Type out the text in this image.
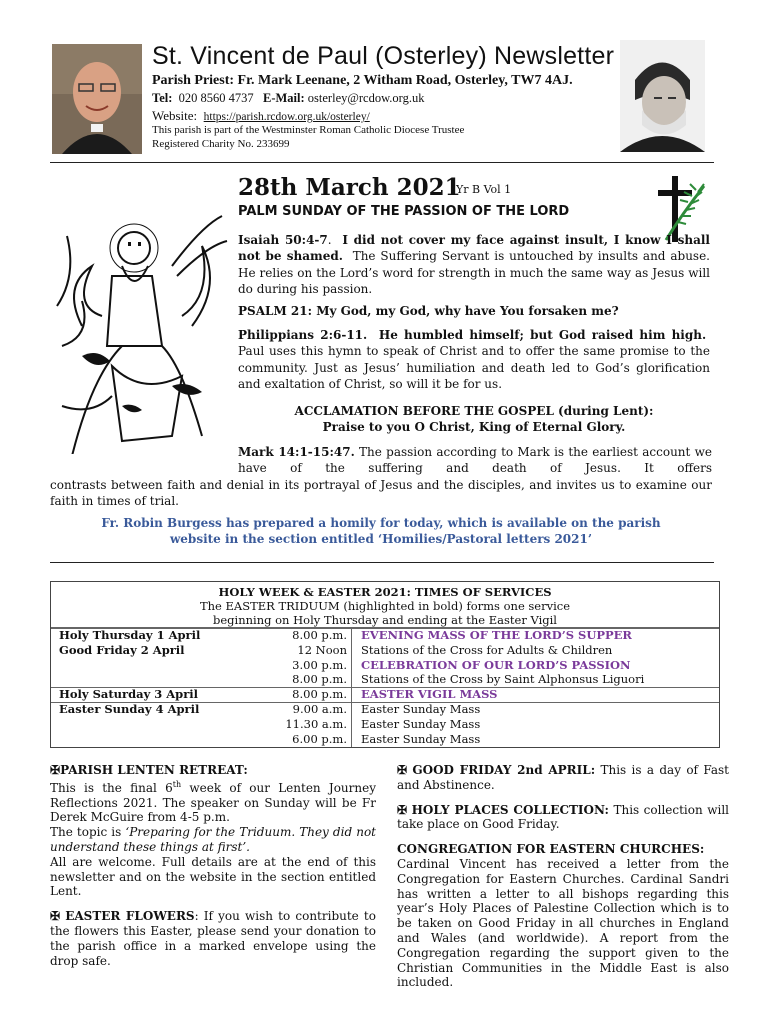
St. Vincent de Paul (Osterley) Newsletter
Parish Priest: Fr. Mark Leenane, 2 Witham Road, Osterley, TW7 4AJ.
Tel: 020 8560 4737 E-Mail: osterley@rcdow.org.uk
Website: https://parish.rcdow.org.uk/osterley/
This parish is part of the Westminster Roman Catholic Diocese Trustee
Registered Charity No. 233699
28th March 2021
Yr B Vol 1
PALM SUNDAY OF THE PASSION OF THE LORD
Isaiah 50:4-7.  I did not cover my face against insult, I know I shall not be shamed. The Suffering Servant is untouched by insults and abuse. He relies on the Lord’s word for strength in much the same way as Jesus will do during his passion.
PSALM 21: My God, my God, why have You forsaken me?
Philippians 2:6-11. He humbled himself; but God raised him high.  Paul uses this hymn to speak of Christ and to offer the same promise to the community. Just as Jesus’ humiliation and death led to God’s glorification and exaltation of Christ, so will it be for us.
ACCLAMATION BEFORE THE GOSPEL (during Lent):
Praise to you O Christ, King of Eternal Glory.
Mark 14:1-15:47. The passion according to Mark is the earliest account we have of the suffering and death of Jesus. It offers
contrasts between faith and denial in its portrayal of Jesus and the disciples, and invites us to examine our faith in times of trial.
Fr. Robin Burgess has prepared a homily for today, which is available on the parish
website in the section entitled ‘Homilies/Pastoral letters 2021’
HOLY WEEK & EASTER 2021: TIMES OF SERVICES
The EASTER TRIDUUM (highlighted in bold) forms one service
beginning on Holy Thursday and ending at the Easter Vigil
Holy Thursday 1 April	8.00 p.m. EVENING MASS OF THE LORD’S SUPPER
Good Friday 2 April	12 Noon Stations of the Cross for Adults & Children
3.00 p.m. CELEBRATION OF OUR LORD’S PASSION
8.00 p.m. Stations of the Cross by Saint Alphonsus Liguori
Holy Saturday 3 April	8.00 p.m. EASTER VIGIL MASS
Easter Sunday 4 April	9.00 a.m. Easter Sunday Mass
11.30 a.m. Easter Sunday Mass
6.00 p.m. Easter Sunday Mass

✠PARISH LENTEN RETREAT:
This is the final 6th week of our Lenten Journey Reflections 2021. The speaker on Sunday will be Fr Derek McGuire from 4-5 p.m.
The topic is ‘Preparing for the Triduum. They did not understand these things at first’.
All are welcome. Full details are at the end of this newsletter and on the website in the section entitled Lent.

✠ EASTER FLOWERS: If you wish to contribute to the flowers this Easter, please send your donation to the parish office in a marked envelope using the drop safe.

✠ GOOD FRIDAY 2nd APRIL: This is a day of Fast and Abstinence.

✠ HOLY PLACES COLLECTION: This collection will take place on Good Friday.

CONGREGATION FOR EASTERN CHURCHES:
Cardinal Vincent has received a letter from the Congregation for Eastern Churches. Cardinal Sandri has written a letter to all bishops regarding this year’s Holy Places of Palestine Collection which is to be taken on Good Friday in all churches in England and Wales (and worldwide). A report from the Congregation regarding the support given to the Christian Communities in the Middle East is also included.
